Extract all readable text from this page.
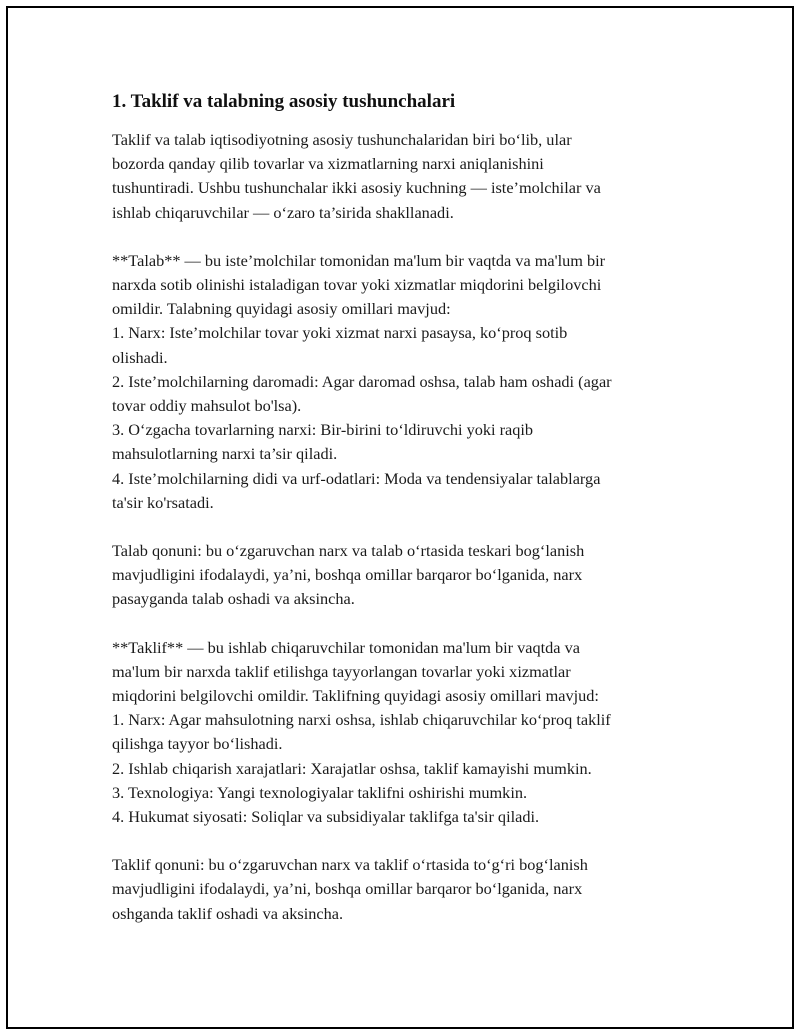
1. Taklif va talabning asosiy tushunchalari
Taklif va talab iqtisodiyotning asosiy tushunchalaridan biri bo‘lib, ular
bozorda qanday qilib tovarlar va xizmatlarning narxi aniqlanishini
tushuntiradi. Ushbu tushunchalar ikki asosiy kuchning — iste’molchilar va
ishlab chiqaruvchilar — o‘zaro ta’sirida shakllanadi.
**Talab** — bu iste’molchilar tomonidan ma'lum bir vaqtda va ma'lum bir
narxda sotib olinishi istaladigan tovar yoki xizmatlar miqdorini belgilovchi
omildir. Talabning quyidagi asosiy omillari mavjud:
1. Narx: Iste’molchilar tovar yoki xizmat narxi pasaysa, ko‘proq sotib
olishadi.
2. Iste’molchilarning daromadi: Agar daromad oshsa, talab ham oshadi (agar
tovar oddiy mahsulot bo'lsa).
3. O‘zgacha tovarlarning narxi: Bir-birini to‘ldiruvchi yoki raqib
mahsulotlarning narxi ta’sir qiladi.
4. Iste’molchilarning didi va urf-odatlari: Moda va tendensiyalar talablarga
ta'sir ko'rsatadi.
Talab qonuni: bu o‘zgaruvchan narx va talab o‘rtasida teskari bog‘lanish
mavjudligini ifodalaydi, ya’ni, boshqa omillar barqaror bo‘lganida, narx
pasayganda talab oshadi va aksincha.
**Taklif** — bu ishlab chiqaruvchilar tomonidan ma'lum bir vaqtda va
ma'lum bir narxda taklif etilishga tayyorlangan tovarlar yoki xizmatlar
miqdorini belgilovchi omildir. Taklifning quyidagi asosiy omillari mavjud:
1. Narx: Agar mahsulotning narxi oshsa, ishlab chiqaruvchilar ko‘proq taklif
qilishga tayyor bo‘lishadi.
2. Ishlab chiqarish xarajatlari: Xarajatlar oshsa, taklif kamayishi mumkin.
3. Texnologiya: Yangi texnologiyalar taklifni oshirishi mumkin.
4. Hukumat siyosati: Soliqlar va subsidiyalar taklifga ta'sir qiladi.
Taklif qonuni: bu o‘zgaruvchan narx va taklif o‘rtasida to‘g‘ri bog‘lanish
mavjudligini ifodalaydi, ya’ni, boshqa omillar barqaror bo‘lganida, narx
oshganda taklif oshadi va aksincha.
